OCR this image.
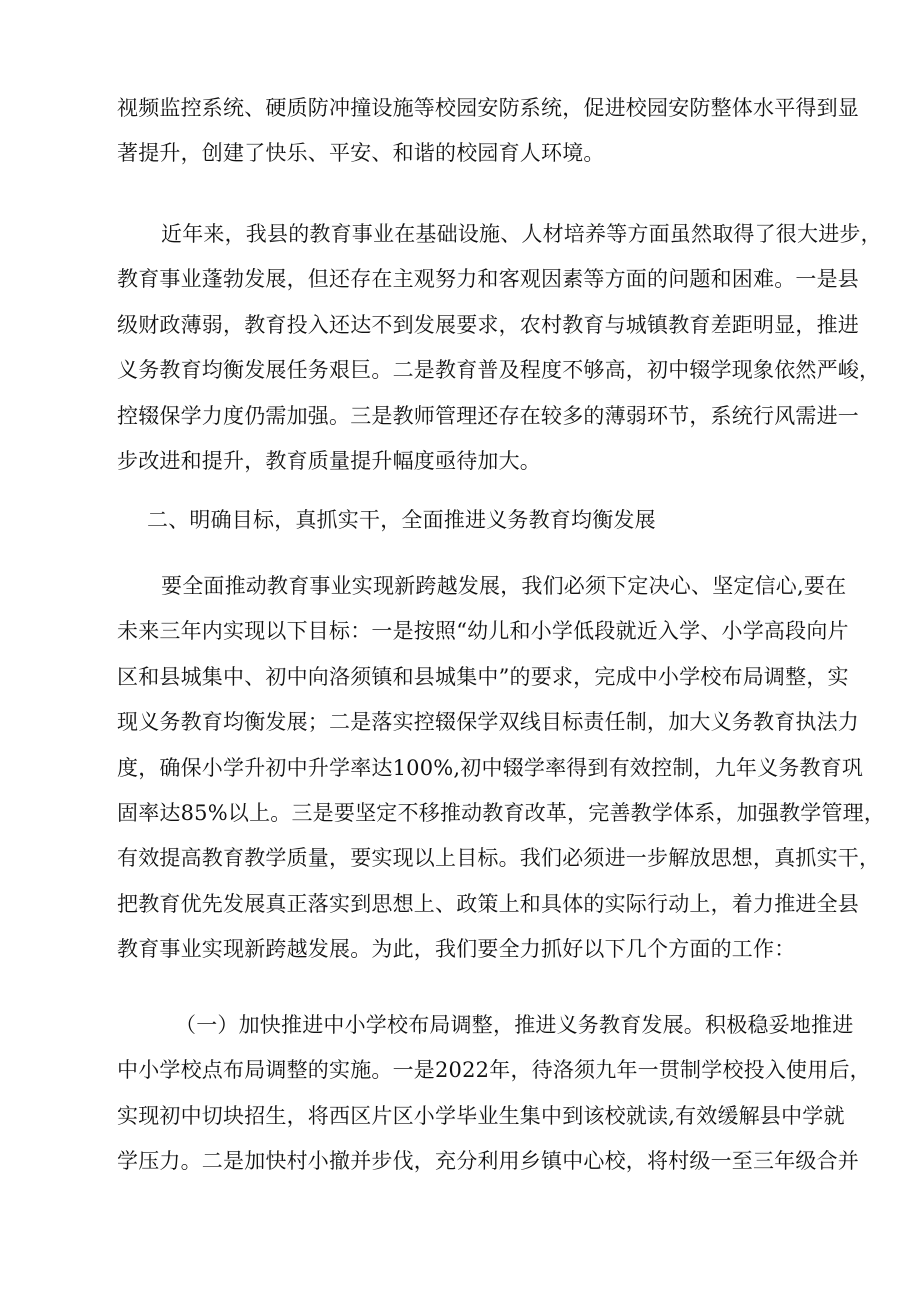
视频监控系统、硬质防冲撞设施等校园安防系统，促进校园安防整体水平得到显
著提升，创建了快乐、平安、和谐的校园育人环境。
近年来，我县的教育事业在基础设施、人材培养等方面虽然取得了很大进步，
教育事业蓬勃发展，但还存在主观努力和客观因素等方面的问题和困难。一是县
级财政薄弱，教育投入还达不到发展要求，农村教育与城镇教育差距明显，推进
义务教育均衡发展任务艰巨。二是教育普及程度不够高，初中辍学现象依然严峻，
控辍保学力度仍需加强。三是教师管理还存在较多的薄弱环节，系统行风需进一
步改进和提升，教育质量提升幅度亟待加大。
二、明确目标，真抓实干，全面推进义务教育均衡发展
要全面推动教育事业实现新跨越发展，我们必须下定决心、坚定信心,要在
未来三年内实现以下目标：一是按照“幼儿和小学低段就近入学、小学高段向片
区和县城集中、初中向洛须镇和县城集中”的要求，完成中小学校布局调整，实
现义务教育均衡发展；二是落实控辍保学双线目标责任制，加大义务教育执法力
度，确保小学升初中升学率达100%,初中辍学率得到有效控制，九年义务教育巩
固率达85%以上。三是要坚定不移推动教育改革，完善教学体系，加强教学管理，
有效提高教育教学质量，要实现以上目标。我们必须进一步解放思想，真抓实干，
把教育优先发展真正落实到思想上、政策上和具体的实际行动上，着力推进全县
教育事业实现新跨越发展。为此，我们要全力抓好以下几个方面的工作：
（一）加快推进中小学校布局调整，推进义务教育发展。积极稳妥地推进
中小学校点布局调整的实施。一是2022年，待洛须九年一贯制学校投入使用后，
实现初中切块招生，将西区片区小学毕业生集中到该校就读,有效缓解县中学就
学压力。二是加快村小撤并步伐，充分利用乡镇中心校，将村级一至三年级合并
